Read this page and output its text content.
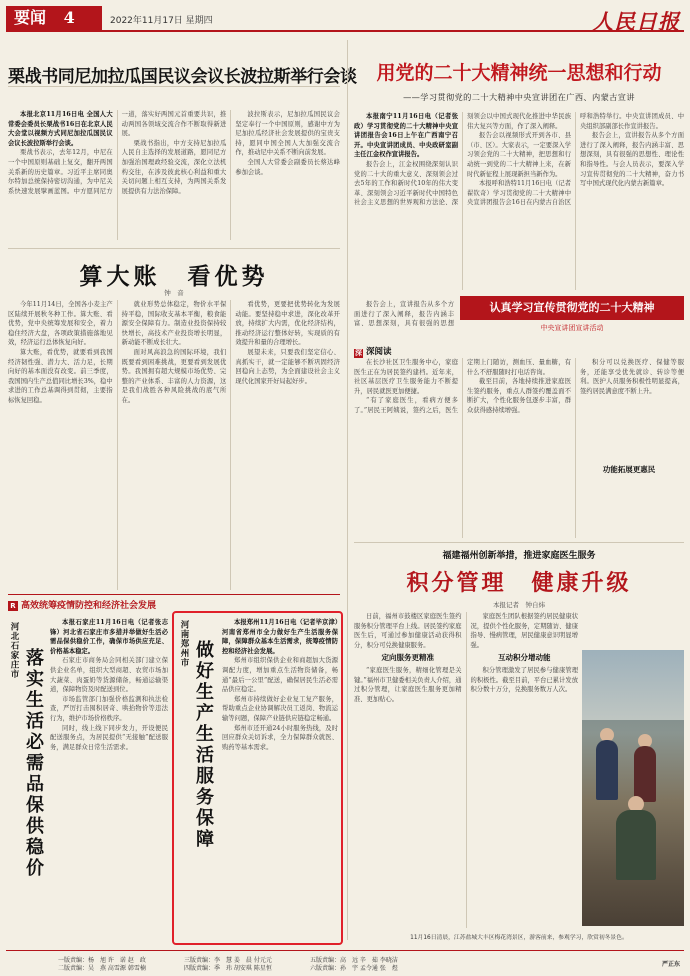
要闻 4	2022年11月17日 星期四	人民日报
栗战书同尼加拉瓜国民议会议长波拉斯举行会谈

本报北京11月16日电 全国人大常委会委员长栗战书16日在北京人民大会堂以视频方式同尼加拉瓜国民议会议长波拉斯举行会谈。

栗战书表示，去年12月，中尼在一个中国原则基础上复交，翻开两国关系新的历史篇章。习近平主席同奥尔特加总统保持密切沟通，为中尼关系快速发展擘画蓝图。中方愿同尼方一道，落实好两国元首重要共识，推动两国各领域交流合作不断取得新进展。

栗战书指出，中方支持尼加拉瓜人民自主选择的发展道路，愿同尼方加强治国理政经验交流，深化立法机构交往，在涉及彼此核心利益和重大关切问题上相互支持，为两国关系发展提供有力法治保障。

波拉斯表示，尼加拉瓜国民议会坚定奉行一个中国原则，感谢中方为尼加拉瓜经济社会发展提供的宝贵支持，愿同中国全国人大加强交流合作，推动尼中关系不断向前发展。

全国人大常委会副委员长蔡达峰参加会谈。

用党的二十大精神统一思想和行动
——学习贯彻党的二十大精神中央宣讲团在广西、内蒙古宣讲

本报南宁11月16日电（记者张政）学习贯彻党的二十大精神中央宣讲团报告会16日上午在广西南宁召开。中央宣讲团成员、中央政研室副主任江金权作宣讲报告。

报告会上，江金权围绕深刻认识党的二十大的重大意义、深刻领会过去5年的工作和新时代10年的伟大变革、深刻领会习近平新时代中国特色社会主义思想的世界观和方法论、深刻领会以中国式现代化推进中华民族伟大复兴等方面，作了深入阐释。

报告会以视频形式开到各市、县（市、区）。大家表示，一定要深入学习领会党的二十大精神，把思想和行动统一到党的二十大精神上来，在新时代新征程上展现新担当新作为。

本报呼和浩特11月16日电（记者翟钦奇）学习贯彻党的二十大精神中央宣讲团报告会16日在内蒙古自治区呼和浩特举行。中央宣讲团成员、中央组织部副部长作宣讲报告。

报告会上，宣讲报告从多个方面进行了深入阐释，报告内涵丰富、思想深刻，具有很强的思想性、理论性和指导性。与会人员表示，要深入学习宣传贯彻党的二十大精神，奋力书写中国式现代化内蒙古新篇章。

算大账　看优势
钟　音

今年11月14日，全国各小麦主产区陆续开展秋冬种工作。算大账、看优势，党中央统筹发展和安全，着力稳住经济大盘，各项政策措施落地见效，经济运行总体恢复向好。

算大账，看优势，就要看到我国经济韧性强、潜力大、活力足，长期向好的基本面没有改变。前三季度，我国国内生产总值同比增长3%，稳中求进的工作总基调得到贯彻，主要指标恢复回稳。

就业形势总体稳定，物价水平保持平稳，国际收支基本平衡，粮食能源安全保障有力。制造业投资保持较快增长，高技术产业投资增长明显，新动能不断成长壮大。

面对风高浪急的国际环境，我们既要看到困难挑战，更要看到发展优势。我国拥有超大规模市场优势、完整的产业体系、丰富的人力资源，这是我们战胜各种风险挑战的底气所在。

看优势，更要把优势转化为发展动能。要坚持稳中求进，深化改革开放，持续扩大内需，优化经济结构，推动经济运行整体好转，实现质的有效提升和量的合理增长。

展望未来，只要我们坚定信心、真抓实干，就一定能够不断巩固经济回稳向上态势，为全面建设社会主义现代化国家开好局起好步。

认真学习宣传贯彻党的二十大精神
中央宣讲团宣讲活动

报告会上，宣讲报告从多个方面进行了深入阐释，报告内涵丰富、思想深刻，具有很强的思想

深 深阅读

在长沙社区卫生服务中心，家庭医生正在为居民签约建档。近年来，社区基层医疗卫生服务能力不断提升，居民就医更加便捷。

“有了家庭医生，看病方便多了。”居民王阿姨说，签约之后，医生定期上门随访，测血压、量血糖，有什么不舒服随时打电话咨询。

截至目前，各地持续推进家庭医生签约服务，重点人群签约覆盖面不断扩大，个性化服务包逐步丰富，群众获得感持续增强。

积分可以兑换医疗、保健等服务，还能享受优先就诊、转诊等便利。医护人员服务积极性明显提高，签约居民满意度不断上升。

功能拓展更惠民
福建福州创新举措，推进家庭医生服务
积分管理　健康升级
本报记者　钟自炜

日前，福州市鼓楼区家庭医生签约服务积分管理平台上线。居民签约家庭医生后，可通过参加健康活动获得积分，积分可兑换健康服务。

定向服务更精准

“家庭医生服务，精细化管理是关键。”福州市卫健委相关负责人介绍，通过积分管理，让家庭医生服务更加精准、更加贴心。

家庭医生团队根据签约居民健康状况，提供个性化服务，定期随访、健康指导、慢病管理，居民健康意识明显增强。

互动积分增动能

积分管理激发了居民参与健康管理的积极性。截至目前，平台已累计发放积分数十万分，兑换服务数万人次。

11月16日清晨，江苏盐城大丰区梅花湾景区，游客前来，参观学习，欣赏初冬景色。
R 高效统筹疫情防控和经济社会发展
河北石家庄市 落实生活必需品保供稳价

本报石家庄11月16日电（记者张志锋）河北省石家庄市多措并举做好生活必需品保供稳价工作，确保市场供应充足、价格基本稳定。

石家庄市商务局会同相关部门建立保供企业名单，组织大型商超、农贸市场加大蔬菜、肉蛋奶等货源储备，畅通运输渠道，保障物资及时配送到位。

市场监管部门加强价格监测和执法检查，严厉打击囤积居奇、哄抬物价等违法行为，维护市场价格秩序。

同时，线上线下同步发力，开设便民配送服务点，为居民提供“无接触”配送服务，满足群众日常生活需求。

河南郑州市 做好生产生活服务保障

本报郑州11月16日电（记者毕京津）河南省郑州市全力做好生产生活服务保障，保障群众基本生活需求，统筹疫情防控和经济社会发展。

郑州市组织保供企业和商超加大货源调配力度，增加重点生活物资储备，畅通“最后一公里”配送，确保居民生活必需品供应稳定。

郑州市持续做好企业复工复产服务，帮助重点企业协调解决员工返岗、物流运输等问题，保障产业链供应链稳定畅通。

郑州市还开通24小时服务热线，及时回应群众关切诉求，全力保障群众就医、购药等基本需求。

一版责编：杨　旭 许　诺 赵　政
二版责编：吴　燕 高雪源 韩雪楠
三版责编：李　慧 姜　晨 付元元
四版责编：季　玮 胡安琪 陈星恒
五版责编：高　远 辛　茹 李晓洁
六版责编：孙　宇 孟令通 张　煜
严正东
